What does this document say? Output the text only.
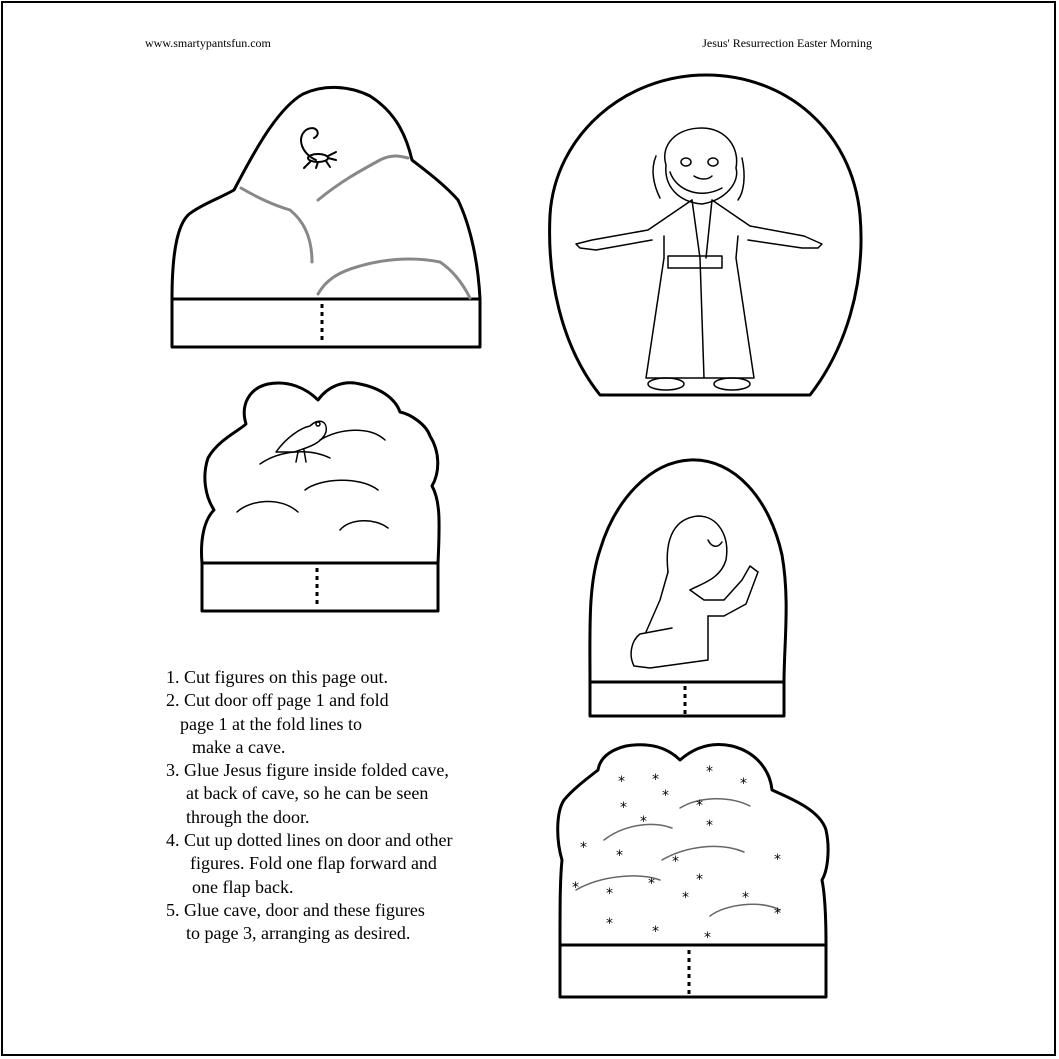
www.smartypantsfun.com	Jesus' Resurrection Easter Morning
* *	*
*
*
*
*
*	*
* *	*	*
* *
*	*
*	*
*	*	*
*
1. Cut figures on this page out.
2. Cut door off page 1 and fold
page 1 at the fold lines to
make a cave.
3. Glue Jesus figure inside folded cave,
at back of cave, so he can be seen
through the door.
4. Cut up dotted lines on door and other
figures. Fold one flap forward and
one flap back.
5. Glue cave, door and these figures
to page 3, arranging as desired.
